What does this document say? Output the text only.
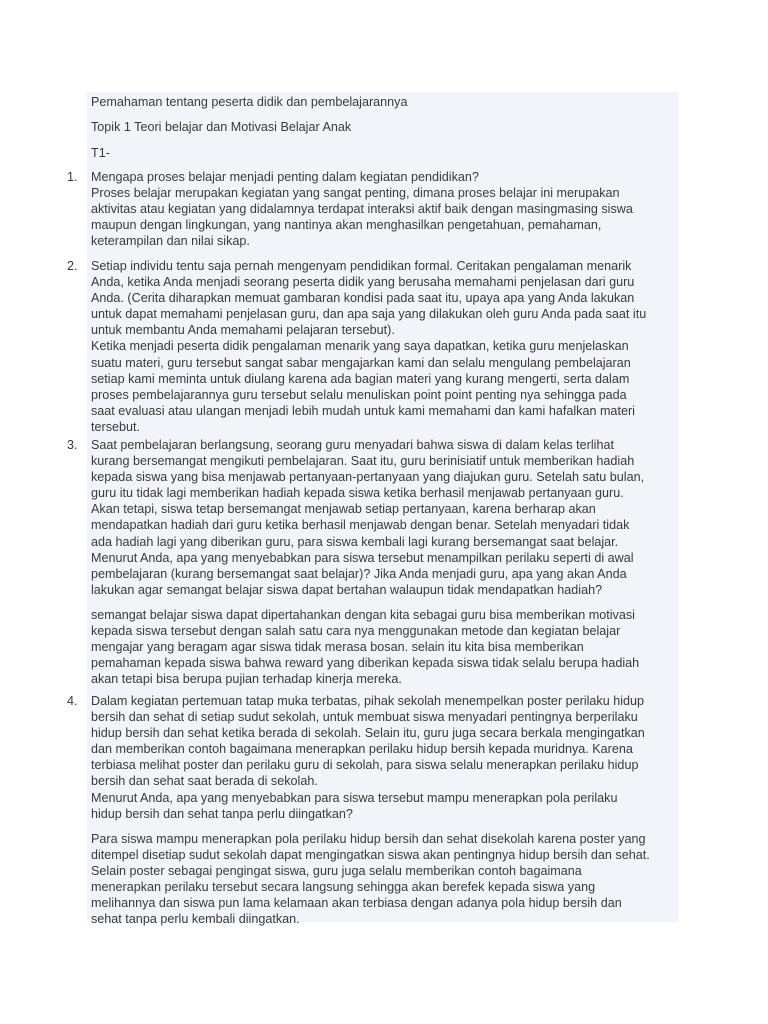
Pemahaman tentang peserta didik dan pembelajarannya
Topik 1 Teori belajar dan Motivasi Belajar Anak
T1-
1.	Mengapa proses belajar menjadi penting dalam kegiatan pendidikan?
Proses belajar merupakan kegiatan yang sangat penting, dimana proses belajar ini merupakan
aktivitas atau kegiatan yang didalamnya terdapat interaksi aktif baik dengan masingmasing siswa
maupun dengan lingkungan, yang nantinya akan menghasilkan pengetahuan, pemahaman,
keterampilan dan nilai sikap.

2.	Setiap individu tentu saja pernah mengenyam pendidikan formal. Ceritakan pengalaman menarik
Anda, ketika Anda menjadi seorang peserta didik yang berusaha memahami penjelasan dari guru
Anda. (Cerita diharapkan memuat gambaran kondisi pada saat itu, upaya apa yang Anda lakukan
untuk dapat memahami penjelasan guru, dan apa saja yang dilakukan oleh guru Anda pada saat itu
untuk membantu Anda memahami pelajaran tersebut).
Ketika menjadi peserta didik pengalaman menarik yang saya dapatkan, ketika guru menjelaskan
suatu materi, guru tersebut sangat sabar mengajarkan kami dan selalu mengulang pembelajaran
setiap kami meminta untuk diulang karena ada bagian materi yang kurang mengerti, serta dalam
proses pembelajarannya guru tersebut selalu menuliskan point point penting nya sehingga pada
saat evaluasi atau ulangan menjadi lebih mudah untuk kami memahami dan kami hafalkan materi
tersebut.

3.	Saat pembelajaran berlangsung, seorang guru menyadari bahwa siswa di dalam kelas terlihat
kurang bersemangat mengikuti pembelajaran. Saat itu, guru berinisiatif untuk memberikan hadiah
kepada siswa yang bisa menjawab pertanyaan-pertanyaan yang diajukan guru. Setelah satu bulan,
guru itu tidak lagi memberikan hadiah kepada siswa ketika berhasil menjawab pertanyaan guru.
Akan tetapi, siswa tetap bersemangat menjawab setiap pertanyaan, karena berharap akan
mendapatkan hadiah dari guru ketika berhasil menjawab dengan benar. Setelah menyadari tidak
ada hadiah lagi yang diberikan guru, para siswa kembali lagi kurang bersemangat saat belajar.
Menurut Anda, apa yang menyebabkan para siswa tersebut menampilkan perilaku seperti di awal
pembelajaran (kurang bersemangat saat belajar)? Jika Anda menjadi guru, apa yang akan Anda
lakukan agar semangat belajar siswa dapat bertahan walaupun tidak mendapatkan hadiah?

semangat belajar siswa dapat dipertahankan dengan kita sebagai guru bisa memberikan motivasi
kepada siswa tersebut dengan salah satu cara nya menggunakan metode dan kegiatan belajar
mengajar yang beragam agar siswa tidak merasa bosan. selain itu kita bisa memberikan
pemahaman kepada siswa bahwa reward yang diberikan kepada siswa tidak selalu berupa hadiah
akan tetapi bisa berupa pujian terhadap kinerja mereka.

4.	Dalam kegiatan pertemuan tatap muka terbatas, pihak sekolah menempelkan poster perilaku hidup
bersih dan sehat di setiap sudut sekolah, untuk membuat siswa menyadari pentingnya berperilaku
hidup bersih dan sehat ketika berada di sekolah. Selain itu, guru juga secara berkala mengingatkan
dan memberikan contoh bagaimana menerapkan perilaku hidup bersih kepada muridnya. Karena
terbiasa melihat poster dan perilaku guru di sekolah, para siswa selalu menerapkan perilaku hidup
bersih dan sehat saat berada di sekolah.
Menurut Anda, apa yang menyebabkan para siswa tersebut mampu menerapkan pola perilaku
hidup bersih dan sehat tanpa perlu diingatkan?

Para siswa mampu menerapkan pola perilaku hidup bersih dan sehat disekolah karena poster yang
ditempel disetiap sudut sekolah dapat mengingatkan siswa akan pentingnya hidup bersih dan sehat.
Selain poster sebagai pengingat siswa, guru juga selalu memberikan contoh bagaimana
menerapkan perilaku tersebut secara langsung sehingga akan berefek kepada siswa yang
melihannya dan siswa pun lama kelamaan akan terbiasa dengan adanya pola hidup bersih dan
sehat tanpa perlu kembali diingatkan.
